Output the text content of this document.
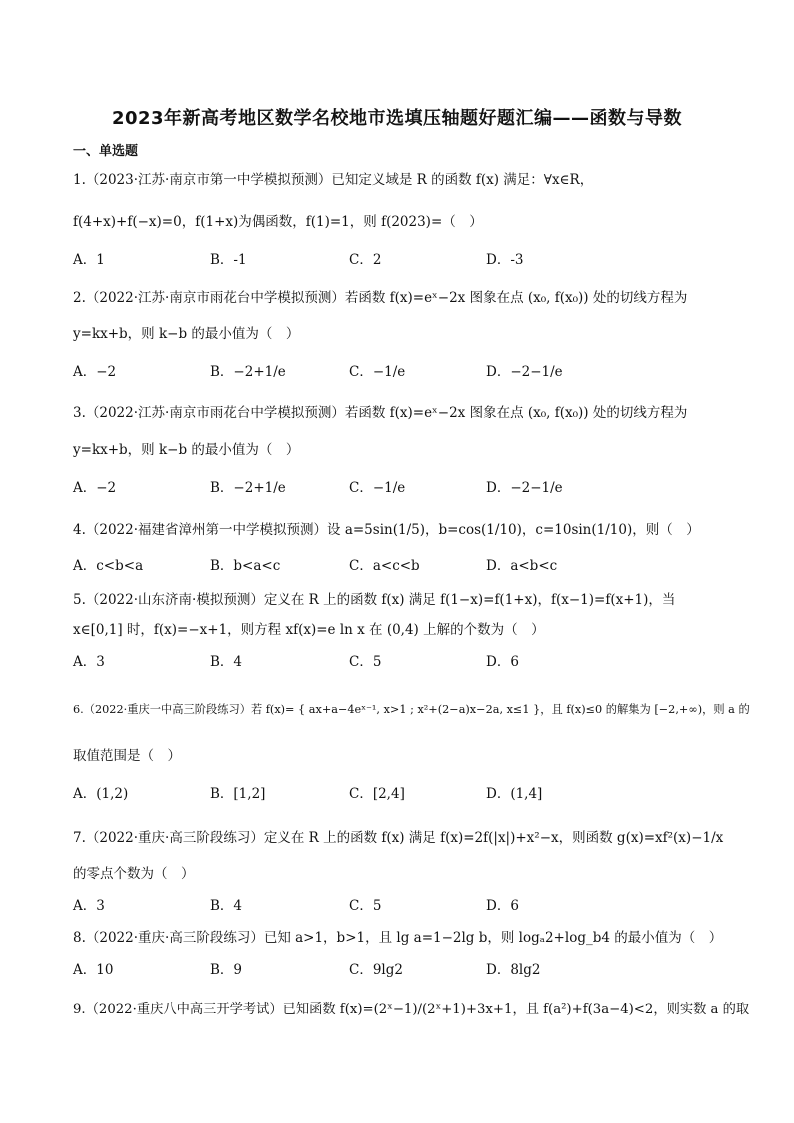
2023年新高考地区数学名校地市选填压轴题好题汇编——函数与导数
一、单选题
1.（2023·江苏·南京市第一中学模拟预测）已知定义域是 R 的函数 f(x) 满足：∀x∈R，
f(4+x)+f(−x)=0，f(1+x)为偶函数，f(1)=1，则 f(2023)=（　）
A．1	B．-1	C．2	D．-3
2.（2022·江苏·南京市雨花台中学模拟预测）若函数 f(x)=eˣ−2x 图象在点 (x₀, f(x₀)) 处的切线方程为
y=kx+b，则 k−b 的最小值为（　）
A．−2	B．−2+1/e	C．−1/e	D．−2−1/e
3.（2022·江苏·南京市雨花台中学模拟预测）若函数 f(x)=eˣ−2x 图象在点 (x₀, f(x₀)) 处的切线方程为
y=kx+b，则 k−b 的最小值为（　）
A．−2	B．−2+1/e	C．−1/e	D．−2−1/e
4.（2022·福建省漳州第一中学模拟预测）设 a=5sin(1/5)，b=cos(1/10)，c=10sin(1/10)，则（　）
A．c<b<a	B．b<a<c	C．a<c<b	D．a<b<c
5.（2022·山东济南·模拟预测）定义在 R 上的函数 f(x) 满足 f(1−x)=f(1+x)，f(x−1)=f(x+1)，当
x∈[0,1] 时，f(x)=−x+1，则方程 xf(x)=e ln x 在 (0,4) 上解的个数为（　）
A．3	B．4	C．5	D．6
6.（2022·重庆一中高三阶段练习）若 f(x)= { ax+a−4eˣ⁻¹, x>1 ; x²+(2−a)x−2a, x≤1 }，且 f(x)≤0 的解集为 [−2,+∞)，则 a 的
取值范围是（　）
A．(1,2)	B．[1,2]	C．[2,4]	D．(1,4]
7.（2022·重庆·高三阶段练习）定义在 R 上的函数 f(x) 满足 f(x)=2f(|x|)+x²−x，则函数 g(x)=xf²(x)−1/x
的零点个数为（　）
A．3	B．4	C．5	D．6
8.（2022·重庆·高三阶段练习）已知 a>1，b>1，且 lg a=1−2lg b，则 logₐ2+log_b4 的最小值为（　）
A．10	B．9	C．9lg2	D．8lg2
9.（2022·重庆八中高三开学考试）已知函数 f(x)=(2ˣ−1)/(2ˣ+1)+3x+1，且 f(a²)+f(3a−4)<2，则实数 a 的取
